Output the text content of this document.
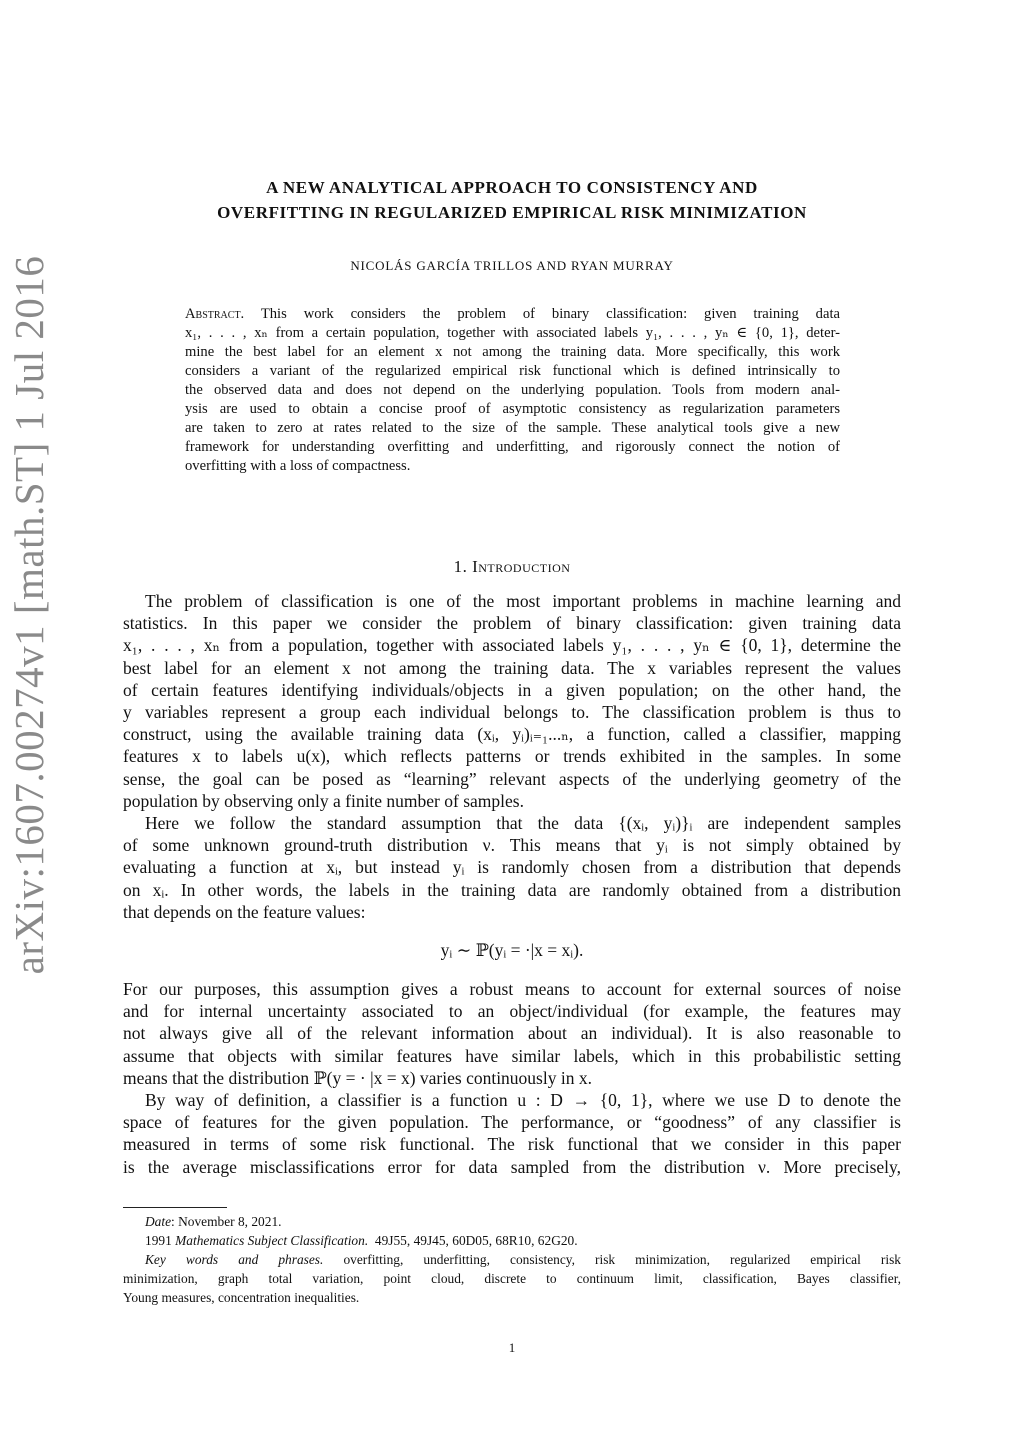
arXiv:1607.00274v1 [math.ST] 1 Jul 2016
A NEW ANALYTICAL APPROACH TO CONSISTENCY AND
OVERFITTING IN REGULARIZED EMPIRICAL RISK MINIMIZATION
NICOLÁS GARCÍA TRILLOS AND RYAN MURRAY
Abstract. This work considers the problem of binary classification: given training data
x₁, . . . , xₙ from a certain population, together with associated labels y₁, . . . , yₙ ∈ {0, 1}, deter-
mine the best label for an element x not among the training data. More specifically, this work
considers a variant of the regularized empirical risk functional which is defined intrinsically to
the observed data and does not depend on the underlying population. Tools from modern anal-
ysis are used to obtain a concise proof of asymptotic consistency as regularization parameters
are taken to zero at rates related to the size of the sample. These analytical tools give a new
framework for understanding overfitting and underfitting, and rigorously connect the notion of
overfitting with a loss of compactness.
1. Introduction
The problem of classification is one of the most important problems in machine learning and
statistics. In this paper we consider the problem of binary classification: given training data
x₁, . . . , xₙ from a population, together with associated labels y₁, . . . , yₙ ∈ {0, 1}, determine the
best label for an element x not among the training data. The x variables represent the values
of certain features identifying individuals/objects in a given population; on the other hand, the
y variables represent a group each individual belongs to. The classification problem is thus to
construct, using the available training data (xᵢ, yᵢ)ᵢ₌₁...ₙ, a function, called a classifier, mapping
features x to labels u(x), which reflects patterns or trends exhibited in the samples. In some
sense, the goal can be posed as “learning” relevant aspects of the underlying geometry of the
population by observing only a finite number of samples.
Here we follow the standard assumption that the data {(xᵢ, yᵢ)}ᵢ are independent samples
of some unknown ground-truth distribution ν. This means that yᵢ is not simply obtained by
evaluating a function at xᵢ, but instead yᵢ is randomly chosen from a distribution that depends
on xᵢ. In other words, the labels in the training data are randomly obtained from a distribution
that depends on the feature values:
yᵢ ∼ ℙ(yᵢ = ·|x = xᵢ).
For our purposes, this assumption gives a robust means to account for external sources of noise
and for internal uncertainty associated to an object/individual (for example, the features may
not always give all of the relevant information about an individual). It is also reasonable to
assume that objects with similar features have similar labels, which in this probabilistic setting
means that the distribution ℙ(y = · |x = x) varies continuously in x.
By way of definition, a classifier is a function u : D → {0, 1}, where we use D to denote the
space of features for the given population. The performance, or “goodness” of any classifier is
measured in terms of some risk functional. The risk functional that we consider in this paper
is the average misclassifications error for data sampled from the distribution ν. More precisely,
Date: November 8, 2021.
1991 Mathematics Subject Classification. 49J55, 49J45, 60D05, 68R10, 62G20.
Key words and phrases. overfitting, underfitting, consistency, risk minimization, regularized empirical risk
minimization, graph total variation, point cloud, discrete to continuum limit, classification, Bayes classifier,
Young measures, concentration inequalities.
1
